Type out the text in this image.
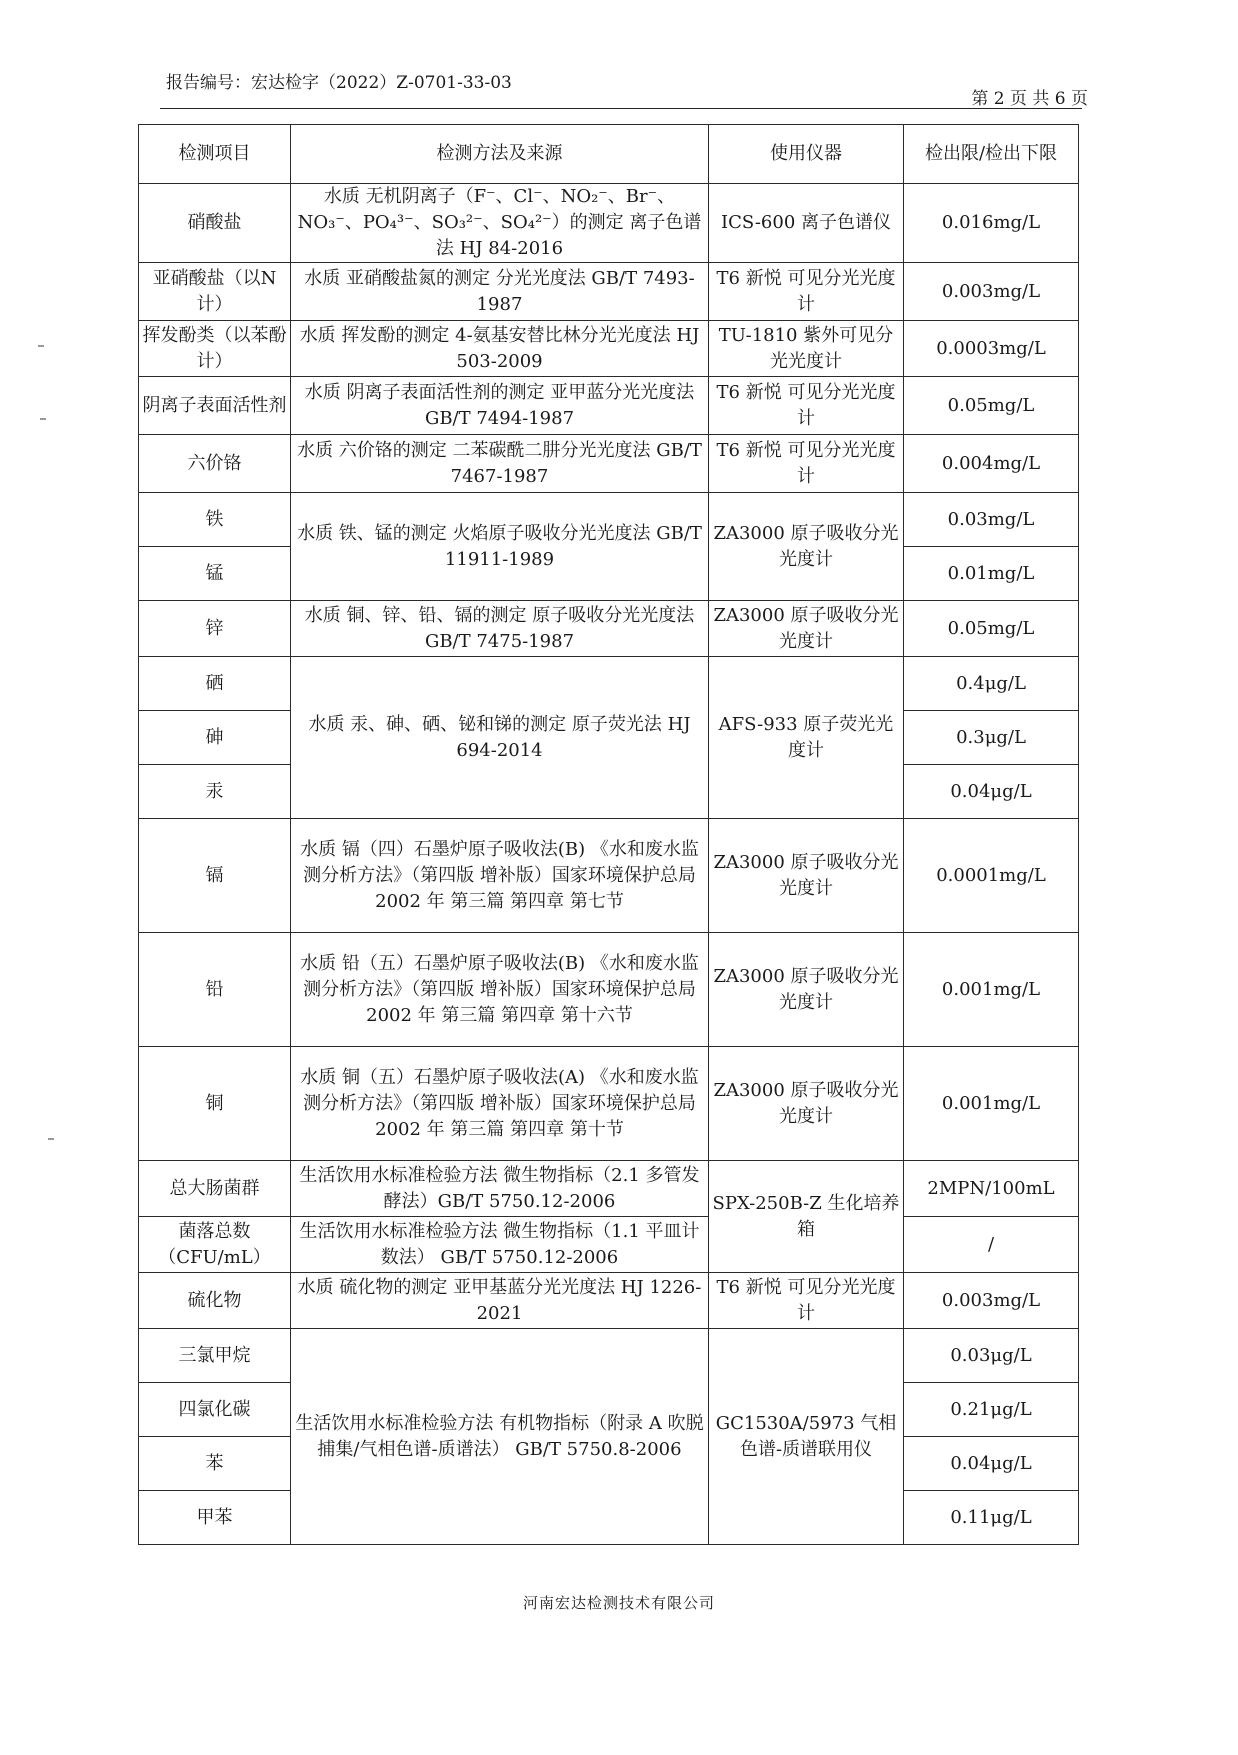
报告编号：宏达检字（2022）Z-0701-33-03
第 2 页 共 6 页
检测项目	检测方法及来源	使用仪器	检出限/检出下限
硝酸盐	水质 无机阴离子（F⁻、Cl⁻、NO₂⁻、Br⁻、NO₃⁻、PO₄³⁻、SO₃²⁻、SO₄²⁻）的测定 离子色谱法 HJ 84-2016	ICS-600 离子色谱仪	0.016mg/L
亚硝酸盐（以N计）	水质 亚硝酸盐氮的测定 分光光度法 GB/T 7493-1987	T6 新悦 可见分光光度计	0.003mg/L
挥发酚类（以苯酚计）	水质 挥发酚的测定 4-氨基安替比林分光光度法 HJ 503-2009	TU-1810 紫外可见分光光度计	0.0003mg/L
阴离子表面活性剂	水质 阴离子表面活性剂的测定 亚甲蓝分光光度法 GB/T 7494-1987	T6 新悦 可见分光光度计	0.05mg/L
六价铬	水质 六价铬的测定 二苯碳酰二肼分光光度法 GB/T 7467-1987	T6 新悦 可见分光光度计	0.004mg/L
铁	水质 铁、锰的测定 火焰原子吸收分光光度法 GB/T 11911-1989	ZA3000 原子吸收分光光度计	0.03mg/L
锰			0.01mg/L
锌	水质 铜、锌、铅、镉的测定 原子吸收分光光度法 GB/T 7475-1987	ZA3000 原子吸收分光光度计	0.05mg/L
硒	水质 汞、砷、硒、铋和锑的测定 原子荧光法 HJ 694-2014	AFS-933 原子荧光光度计	0.4μg/L
砷			0.3μg/L
汞			0.04μg/L
镉	水质 镉（四）石墨炉原子吸收法(B) 《水和废水监测分析方法》（第四版 增补版）国家环境保护总局 2002 年 第三篇 第四章 第七节	ZA3000 原子吸收分光光度计	0.0001mg/L
铅	水质 铅（五）石墨炉原子吸收法(B) 《水和废水监测分析方法》（第四版 增补版）国家环境保护总局 2002 年 第三篇 第四章 第十六节	ZA3000 原子吸收分光光度计	0.001mg/L
铜	水质 铜（五）石墨炉原子吸收法(A) 《水和废水监测分析方法》（第四版 增补版）国家环境保护总局 2002 年 第三篇 第四章 第十节	ZA3000 原子吸收分光光度计	0.001mg/L
总大肠菌群	生活饮用水标准检验方法 微生物指标（2.1 多管发酵法）GB/T 5750.12-2006	SPX-250B-Z 生化培养箱	2MPN/100mL
菌落总数（CFU/mL）	生活饮用水标准检验方法 微生物指标（1.1 平皿计数法） GB/T 5750.12-2006		/
硫化物	水质 硫化物的测定 亚甲基蓝分光光度法 HJ 1226-2021	T6 新悦 可见分光光度计	0.003mg/L
三氯甲烷	生活饮用水标准检验方法 有机物指标（附录 A 吹脱捕集/气相色谱-质谱法） GB/T 5750.8-2006	GC1530A/5973 气相色谱-质谱联用仪	0.03μg/L
四氯化碳			0.21μg/L
苯			0.04μg/L
甲苯			0.11μg/L
河南宏达检测技术有限公司
